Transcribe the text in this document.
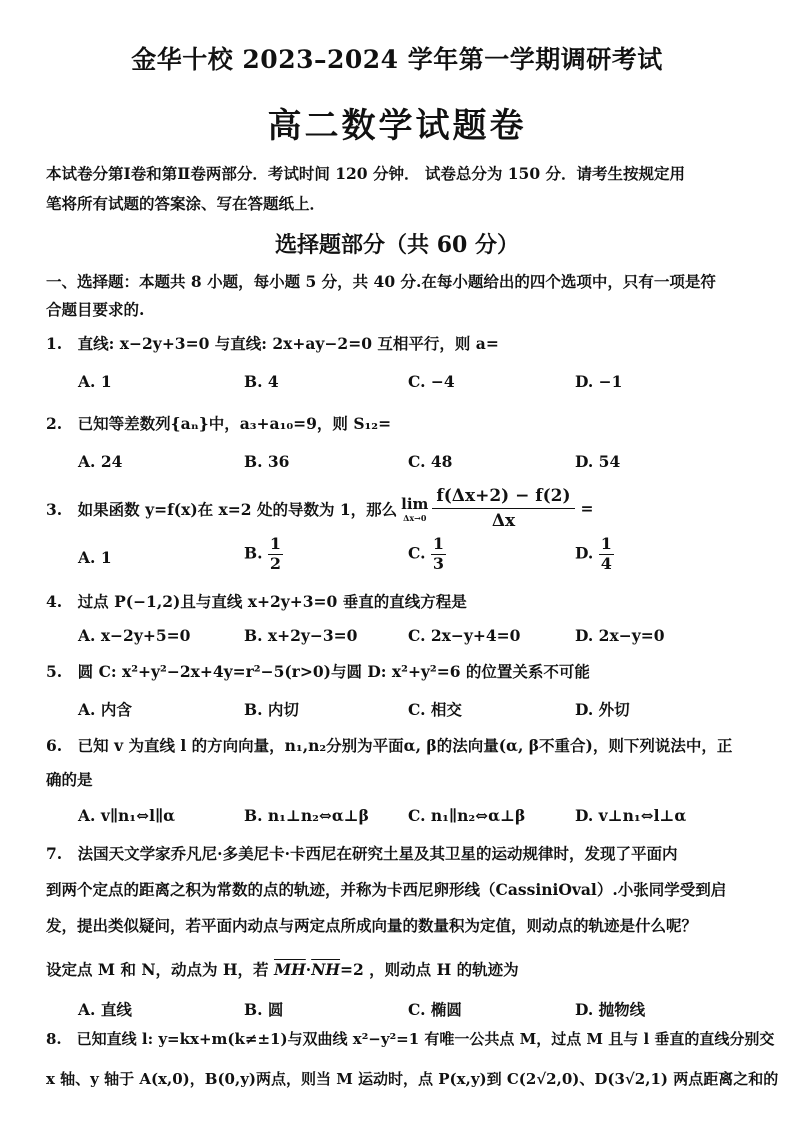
金华十校 2023–2024 学年第一学期调研考试
高二数学试题卷
本试卷分第Ⅰ卷和第Ⅱ卷两部分．考试时间 120 分钟． 试卷总分为 150 分．请考生按规定用
笔将所有试题的答案涂、写在答题纸上．
选择题部分（共 60 分）
一、选择题：本题共 8 小题，每小题 5 分，共 40 分.在每小题给出的四个选项中，只有一项是符
合题目要求的.
1.　直线: x−2y+3=0 与直线: 2x+ay−2=0 互相平行，则 a=
A. 1	B. 4	C. −4	D. −1
2.　已知等差数列{aₙ}中，a₃+a₁₀=9，则 S₁₂=
A. 24	B. 36	C. 48	D. 54
3.　如果函数 y=f(x)在 x=2 处的导数为 1，那么 lim
$\Delta x\to 0 \frac{f(\Delta x+2) - f(2)}{\Delta x}$ =
A. 1	B. $\frac{1}{2}$	C. $\frac{1}{3}$	D. $\frac{1}{4}$
4.　过点 P(−1,2)且与直线 x+2y+3=0 垂直的直线方程是
A. x−2y+5=0	B. x+2y−3=0	C. 2x−y+4=0	D. 2x−y=0
5.　圆 C: x²+y²−2x+4y=r²−5(r>0)与圆 D: x²+y²=6 的位置关系不可能
A. 内含	B. 内切	C. 相交	D. 外切
6.　已知 v 为直线 l 的方向向量，n₁,n₂分别为平面α, β的法向量(α, β不重合)，则下列说法中，正
确的是
A. v∥n₁⇔l∥α	B. n₁⊥n₂⇔α⊥β	C. n₁∥n₂⇔α⊥β	D. v⊥n₁⇔l⊥α
7.　法国天文学家乔凡尼·多美尼卡·卡西尼在研究土星及其卫星的运动规律时，发现了平面内
到两个定点的距离之积为常数的点的轨迹，并称为卡西尼卵形线（CassiniOval）.小张同学受到启
发，提出类似疑问，若平面内动点与两定点所成向量的数量积为定值，则动点的轨迹是什么呢？
设定点 M 和 N，动点为 H，若 $\overline{MH}\cdot\overline{NH}=2$ ，则动点 H 的轨迹为
A. 直线	B. 圆	C. 椭圆	D. 抛物线
8.　已知直线 l: y=kx+m(k≠±1)与双曲线 x²−y²=1 有唯一公共点 M，过点 M 且与 l 垂直的直线分别交
x 轴、y 轴于 A(x,0)，B(0,y)两点，则当 M 运动时，点 P(x,y)到 C(2√2,0)、D(3√2,1) 两点距离之和的
